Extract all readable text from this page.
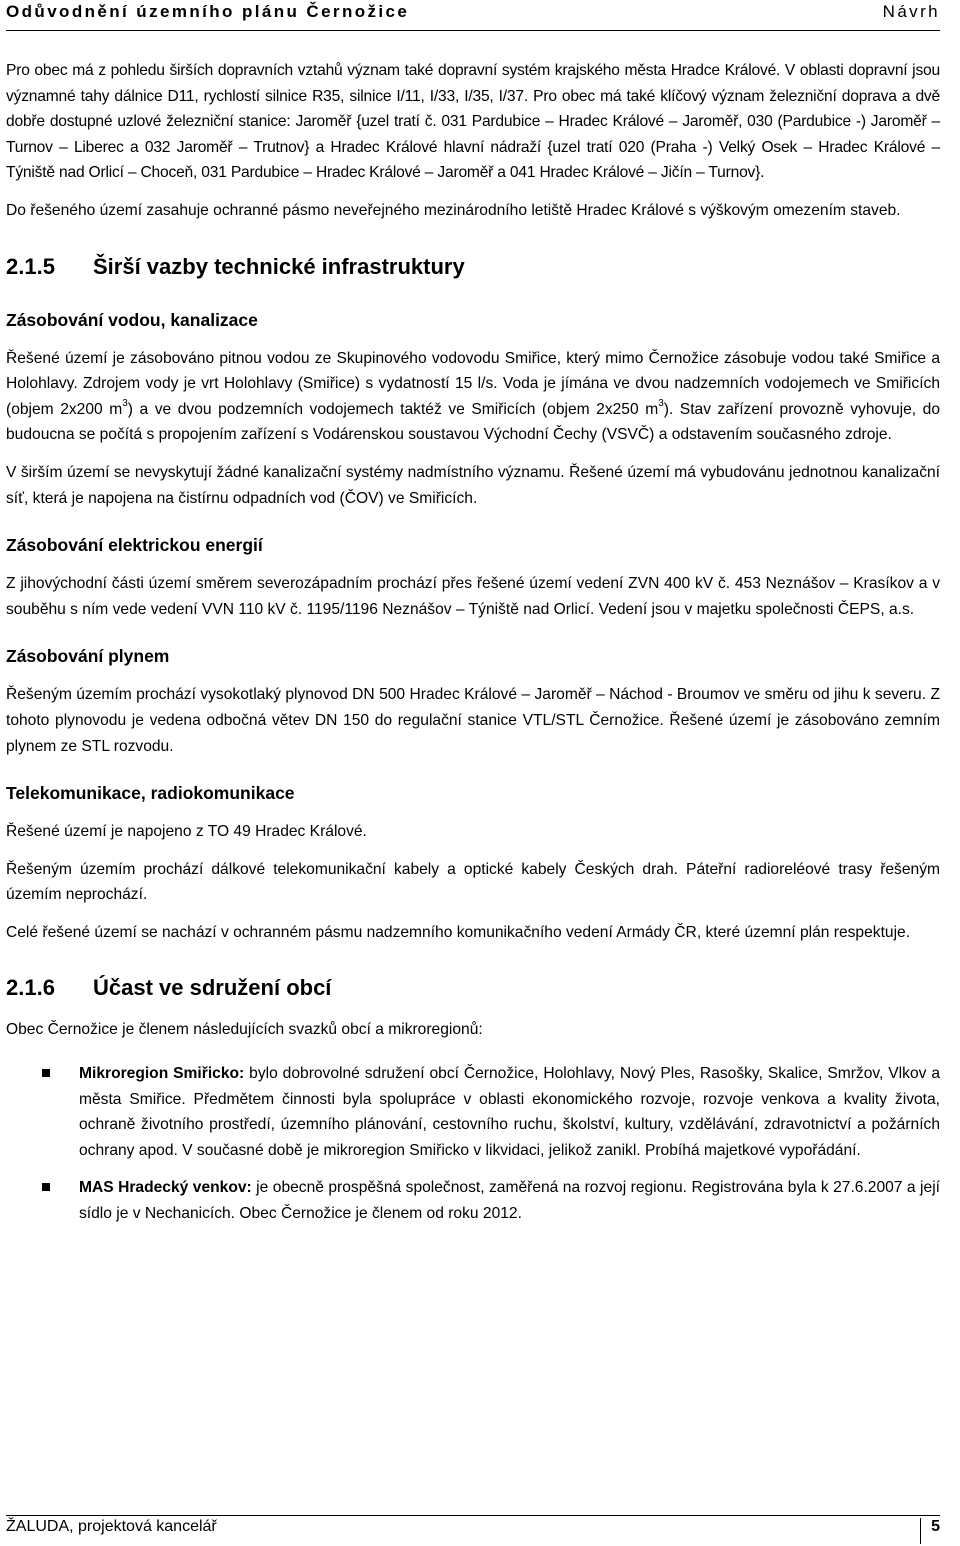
Odůvodnění územního plánu Černožice	Návrh

Pro obec má z pohledu širších dopravních vztahů význam také dopravní systém krajského města Hradce Králové. V oblasti dopravní jsou významné tahy dálnice D11, rychlostí silnice R35, silnice I/11, I/33, I/35, I/37. Pro obec má také klíčový význam železniční doprava a dvě dobře dostupné uzlové železniční stanice: Jaroměř {uzel tratí č. 031 Pardubice – Hradec Králové – Jaroměř, 030 (Pardubice -) Jaroměř – Turnov – Liberec a 032 Jaroměř – Trutnov} a Hradec Králové hlavní nádraží {uzel tratí 020 (Praha -) Velký Osek – Hradec Králové – Týniště nad Orlicí – Choceň, 031 Pardubice – Hradec Králové – Jaroměř a 041 Hradec Králové – Jičín – Turnov}.

Do řešeného území zasahuje ochranné pásmo neveřejného mezinárodního letiště Hradec Králové s výškovým omezením staveb.

2.1.5 Širší vazby technické infrastruktury
Zásobování vodou, kanalizace

Řešené území je zásobováno pitnou vodou ze Skupinového vodovodu Smiřice, který mimo Černožice zásobuje vodou také Smiřice a Holohlavy. Zdrojem vody je vrt Holohlavy (Smiřice) s vydatností 15 l/s. Voda je jímána ve dvou nadzemních vodojemech ve Smiřicích (objem 2x200 $m^3$) a ve dvou podzemních vodojemech taktéž ve Smiřicích (objem 2x250 $m^3$). Stav zařízení provozně vyhovuje, do budoucna se počítá s propojením zařízení s Vodárenskou soustavou Východní Čechy (VSVČ) a odstavením současného zdroje.

V širším území se nevyskytují žádné kanalizační systémy nadmístního významu. Řešené území má vybudovánu jednotnou kanalizační síť, která je napojena na čistírnu odpadních vod (ČOV) ve Smiřicích.

Zásobování elektrickou energií

Z jihovýchodní části území směrem severozápadním prochází přes řešené území vedení ZVN 400 kV č. 453 Neznášov – Krasíkov a v souběhu s ním vede vedení VVN 110 kV č. 1195/1196 Neznášov – Týniště nad Orlicí. Vedení jsou v majetku společnosti ČEPS, a.s.

Zásobování plynem

Řešeným územím prochází vysokotlaký plynovod DN 500 Hradec Králové – Jaroměř – Náchod - Broumov ve směru od jihu k severu. Z tohoto plynovodu je vedena odbočná větev DN 150 do regulační stanice VTL/STL Černožice. Řešené území je zásobováno zemním plynem ze STL rozvodu.

Telekomunikace, radiokomunikace

Řešené území je napojeno z TO 49 Hradec Králové.

Řešeným územím prochází dálkové telekomunikační kabely a optické kabely Českých drah. Páteřní radioreléové trasy řešeným územím neprochází.

Celé řešené území se nachází v ochranném pásmu nadzemního komunikačního vedení Armády ČR, které územní plán respektuje.

2.1.6 Účast ve sdružení obcí

Obec Černožice je členem následujících svazků obcí a mikroregionů:

Mikroregion Smiřicko: bylo dobrovolné sdružení obcí Černožice, Holohlavy, Nový Ples, Rasošky, Skalice, Smržov, Vlkov a města Smiřice. Předmětem činnosti byla spolupráce v oblasti ekonomického rozvoje, rozvoje venkova a kvality života, ochraně životního prostředí, územního plánování, cestovního ruchu, školství, kultury, vzdělávání, zdravotnictví a požárních ochrany apod. V současné době je mikroregion Smiřicko v likvidaci, jelikož zanikl. Probíhá majetkové vypořádání.
MAS Hradecký venkov: je obecně prospěšná společnost, zaměřená na rozvoj regionu. Registrována byla k 27.6.2007 a její sídlo je v Nechanicích. Obec Černožice je členem od roku 2012.
ŽALUDA, projektová kancelář	5
